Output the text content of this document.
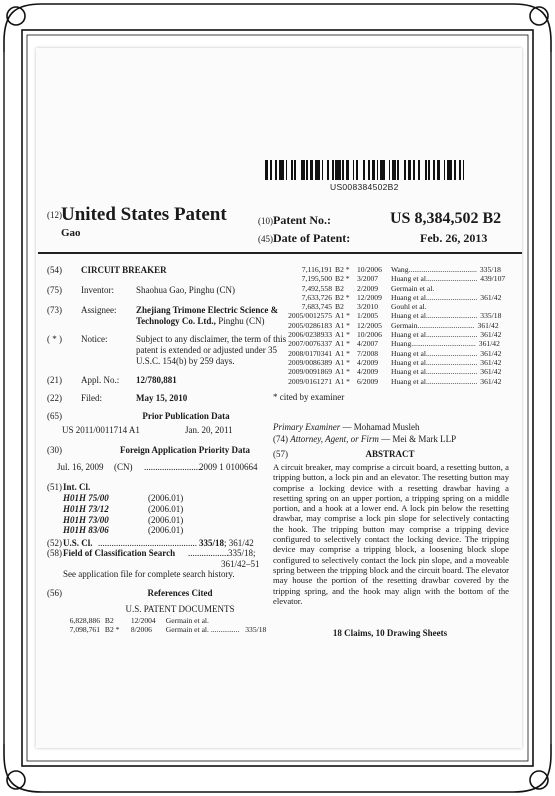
US008384502B2
(12) United States Patent
Gao
(10) Patent No.:	US 8,384,502 B2
(45) Date of Patent:	Feb. 26, 2013
(54) CIRCUIT BREAKER
(75) Inventor: Shaohua Gao, Pinghu (CN)
(73) Assignee: Zhejiang Trimone Electric Science &
Technology Co. Ltd., Pinghu (CN)
( * ) Notice:	Subject to any disclaimer, the term of this
patent is extended or adjusted under 35
U.S.C. 154(b) by 259 days.
(21) Appl. No.: 12/780,881
(22) Filed:	May 15, 2010
(65)	Prior Publication Data
US 2011/0011714 A1	Jan. 20, 2011
(30)	Foreign Application Priority Data
Jul. 16, 2009 (CN) ..........................
2009 1 0100664
(51) Int. Cl.
H01H 75/00	(2006.01)
H01H 73/12	(2006.01)
H01H 73/00	(2006.01)
H01H 83/06	(2006.01)
(52) U.S. Cl. ............................................ 335/18; 361/42
(58) Field of Classification Search .................. 335/18;
361/42–51
See application file for complete search history.
(56)	References Cited
U.S. PATENT DOCUMENTS
6,828,886 B2 12/2004 Germain et al.
7,098,761 B2 * 8/2006 Germain et al. ............... 335/18
7,116,191 B2 * 10/2006 Wang.................................... 335/18
7,195,500 B2 * 3/2007 Huang et al........................... 439/107
7,492,558 B2 2/2009 Germain et al.
7,633,726 B2 * 12/2009 Huang et al........................... 361/42
7,683,745 B2 3/2010 Gouhl et al.
2005/0012575 A1 * 1/2005 Huang et al........................... 335/18
2005/0286183 A1 * 12/2005 Germain.............................. 361/42
2006/0238933 A1 * 10/2006 Huang et al........................... 361/42
2007/0076337 A1 * 4/2007 Huang.................................. 361/42
2008/0170341 A1 * 7/2008 Huang et al........................... 361/42
2009/0086389 A1 * 4/2009 Huang et al........................... 361/42
2009/0091869 A1 * 4/2009 Huang et al........................... 361/42
2009/0161271 A1 * 6/2009 Huang et al........................... 361/42
* cited by examiner
Primary Examiner — Mohamad Musleh
(74) Attorney, Agent, or Firm — Mei & Mark LLP
(57)	ABSTRACT
A circuit breaker, may comprise a circuit board, a resetting button, a tripping button, a lock pin and an elevator. The resetting button may comprise a locking device with a resetting drawbar having a resetting spring on an upper portion, a tripping spring on a middle portion, and a hook at a lower end. A lock pin below the resetting drawbar, may comprise a lock pin slope for selectively contacting the hook. The tripping button may comprise a tripping device configured to selectively contact the locking device. The tripping device may comprise a tripping block, a loosening block slope configured to selectively contact the lock pin slope, and a moveable spring between the tripping block and the circuit board. The elevator may house the portion of the resetting drawbar covered by the tripping spring, and the hook may align with the bottom of the elevator.
18 Claims, 10 Drawing Sheets
